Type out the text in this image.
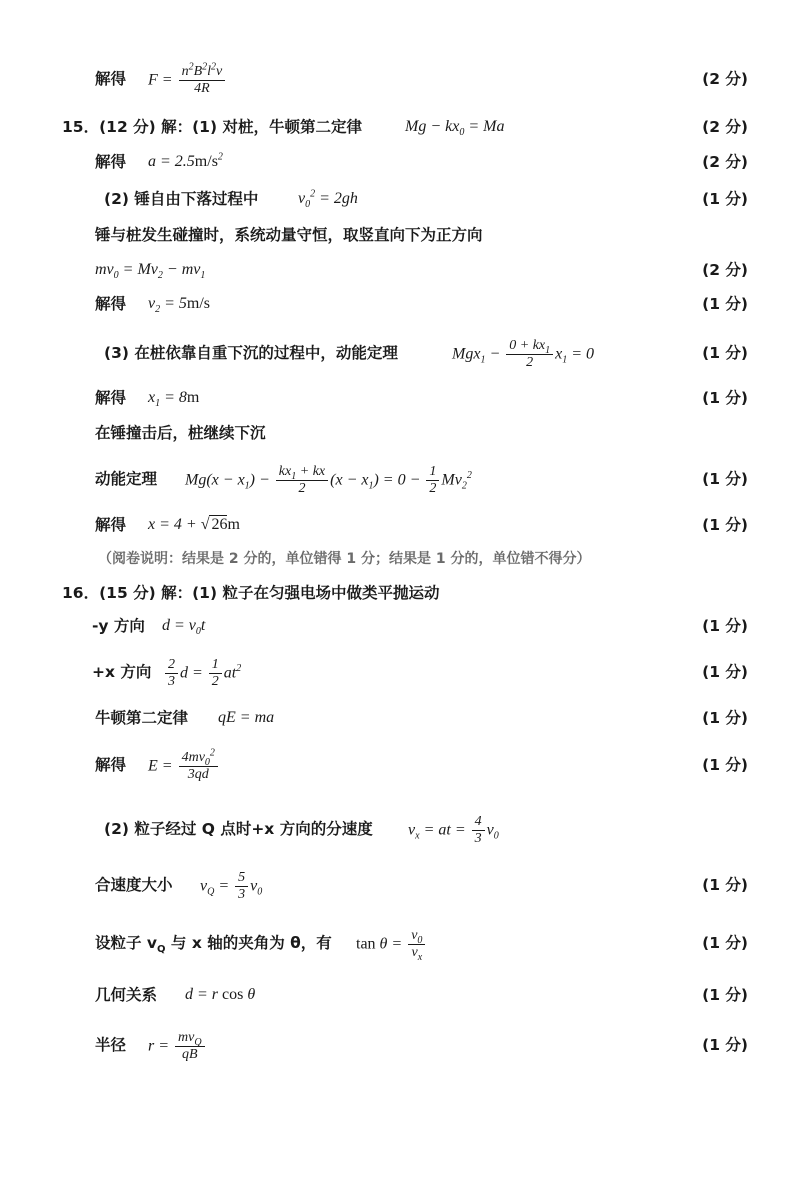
解得 $F = \frac{n^2B^2l^2v}{4R}$	(2 分)
15．(12 分) 解：(1) 对桩，牛顿第二定律	$Mg - kx_0 = Ma$	(2 分)
解得 $a = 2.5m/s^2$	(2 分)
(2) 锤自由下落过程中 $v_0^2 = 2gh$	(1 分)
锤与桩发生碰撞时，系统动量守恒，取竖直向下为正方向
$mv_0 = Mv_2 - mv_1$	(2 分)
解得 $v_2 = 5m/s$	(1 分)
(3) 在桩依靠自重下沉的过程中，动能定理	$Mgx_1 - \frac{0 + kx_1}{2} x_1 = 0$	(1 分)
解得 $x_1 = 8m$	(1 分)
在锤撞击后，桩继续下沉
动能定理 $Mg(x - x_1) - \frac{kx_1 + kx}{2} (x - x_1) = 0 - \frac{1}{2} Mv_2^2$	(1 分)
解得 x = 4 + √ 26m	(1 分)
（阅卷说明：结果是 2 分的，单位错得 1 分；结果是 1 分的，单位错不得分）
16．(15 分) 解：(1) 粒子在匀强电场中做类平抛运动
-y 方向 $d = v_0t$	(1 分)
+x 方向 $\frac{2}{3}$ $d = \frac{1}{2} at^2$	(1 分)
牛顿第二定律 qE = ma	(1 分)
解得 $E = \frac{4mv_0^2}{3qd}$	(1 分)
(2) 粒子经过 Q 点时+x 方向的分速度 $v_x$ = at = $\frac{4}{3} v_0$
合速度大小 $v_Q = \frac{5}{3} v_0$	(1 分)
设粒子 $v_Q$ 与 x 轴的夹角为 θ，有 $\tan \theta = \frac{v_0}{v_x}$	(1 分)
几何关系 d = r cos θ	(1 分)
半径 $r = \frac{mv_Q}{qB}$	(1 分)
